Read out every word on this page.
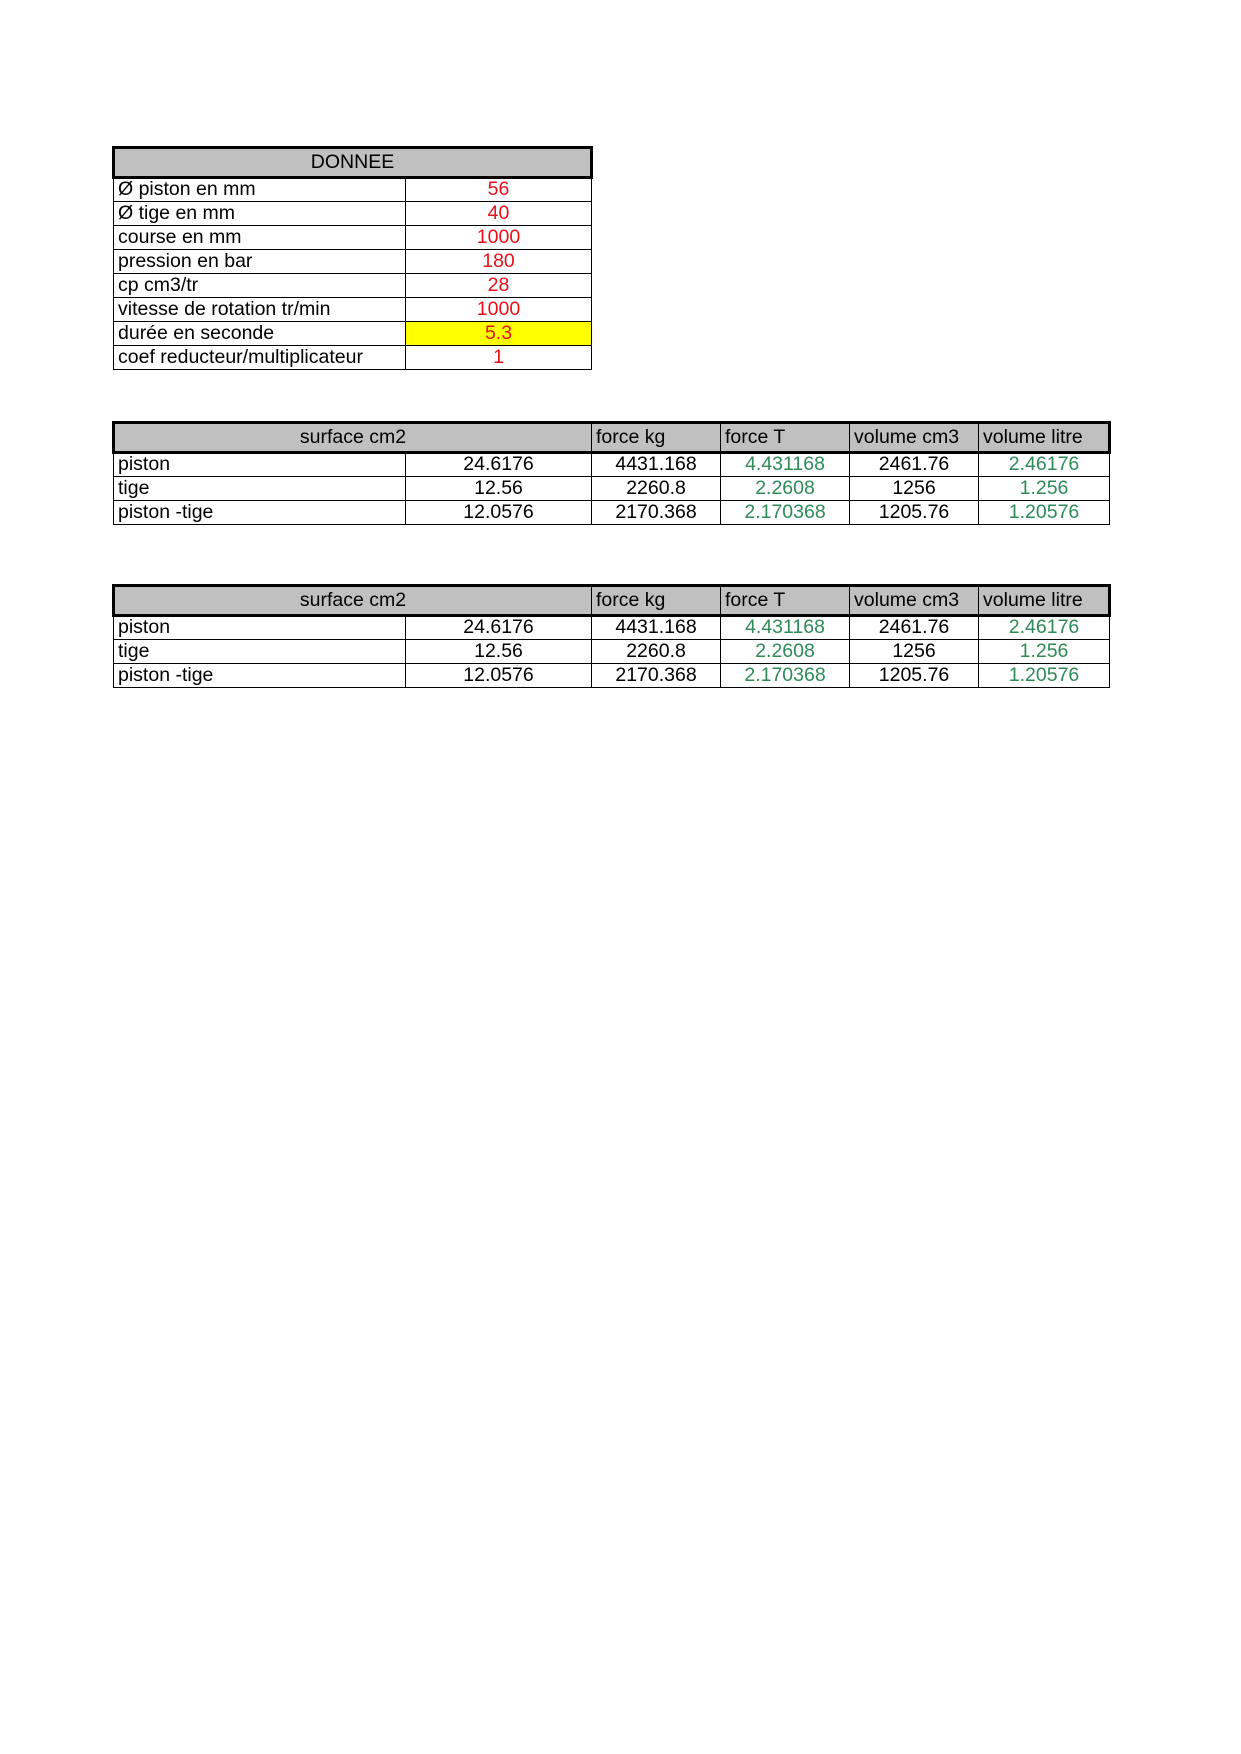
DONNEE	
Ø piston en mm	56
Ø tige en mm	40
course en mm	1000
pression en bar	180
cp cm3/tr	28
vitesse de rotation tr/min	1000
durée en seconde	5.3
coef reducteur/multiplicateur	1
surface cm2		force kg	force T	volume cm3	volume litre
piston	24.6176	4431.168	4.431168	2461.76	2.46176
tige	12.56	2260.8	2.2608	1256	1.256
piston -tige	12.0576	2170.368	2.170368	1205.76	1.20576
surface cm2		force kg	force T	volume cm3	volume litre
piston	24.6176	4431.168	4.431168	2461.76	2.46176
tige	12.56	2260.8	2.2608	1256	1.256
piston -tige	12.0576	2170.368	2.170368	1205.76	1.20576
